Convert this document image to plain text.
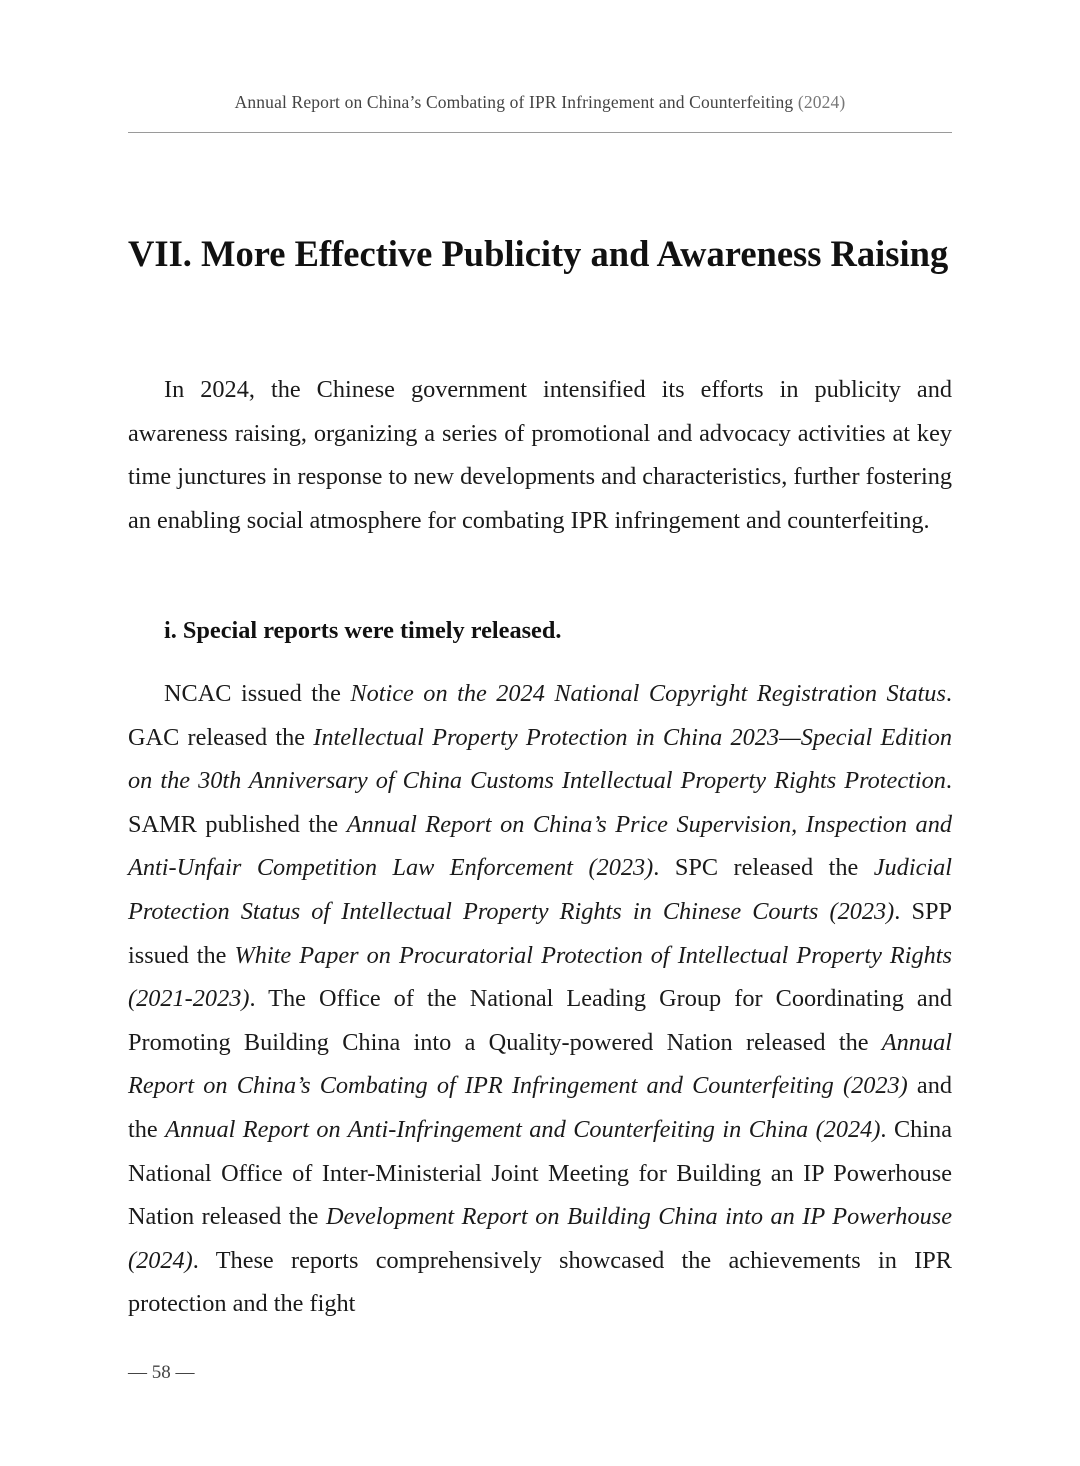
Annual Report on China’s Combating of IPR Infringement and Counterfeiting (2024)
VII. More Effective Publicity and Awareness Raising

In 2024, the Chinese government intensified its efforts in publicity and awareness raising, organizing a series of promotional and advocacy activities at key time junctures in response to new developments and characteristics, further fostering an enabling social atmosphere for combating IPR infringement and counterfeiting.

i. Special reports were timely released.

NCAC issued the Notice on the 2024 National Copyright Registration Status. GAC released the Intellectual Property Protection in China 2023—Special Edition on the 30th Anniversary of China Customs Intellectual Property Rights Protection. SAMR published the Annual Report on China’s Price Supervision, Inspection and Anti-Unfair Competition Law Enforcement (2023). SPC released the Judicial Protection Status of Intellectual Property Rights in Chinese Courts (2023). SPP issued the White Paper on Procuratorial Protection of Intellectual Property Rights (2021-2023). The Office of the National Leading Group for Coordinating and Promoting Building China into a Quality-powered Nation released the Annual Report on China’s Combating of IPR Infringement and Counterfeiting (2023) and the Annual Report on Anti-Infringement and Counterfeiting in China (2024). China National Office of Inter-Ministerial Joint Meeting for Building an IP Powerhouse Nation released the Development Report on Building China into an IP Powerhouse (2024). These reports comprehensively showcased the achievements in IPR protection and the fight

— 58 —
